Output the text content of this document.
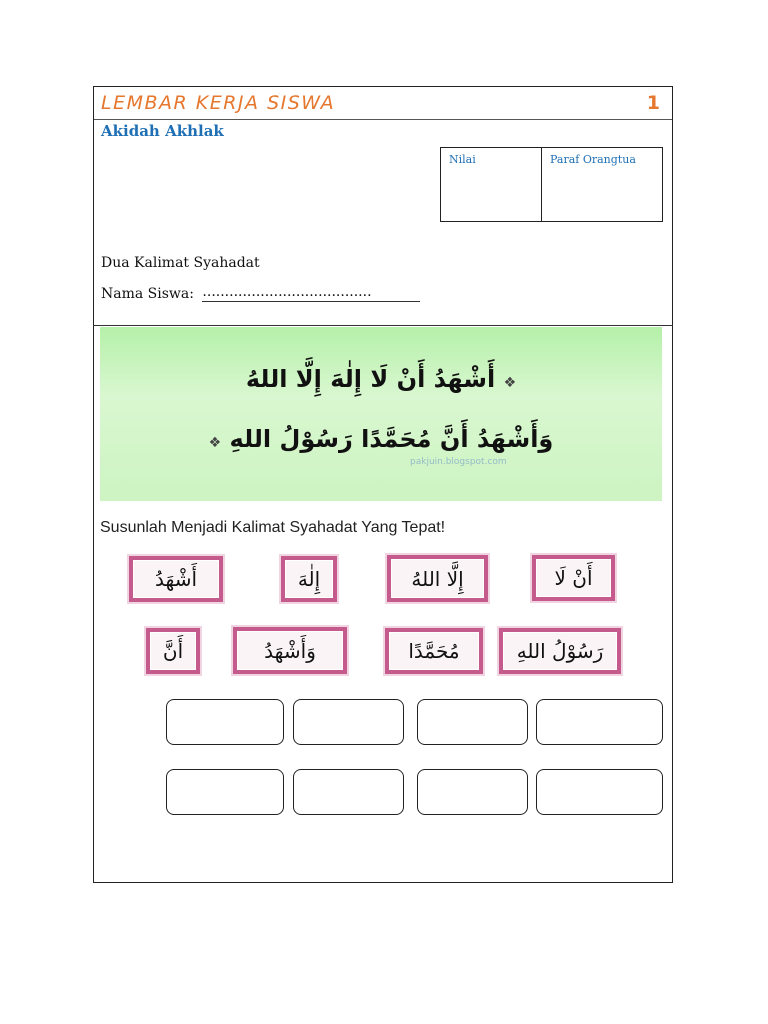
LEMBAR KERJA SISWA	1
Akidah Akhlak
Nilai	Paraf Orangtua
Dua Kalimat Syahadat
Nama Siswa: ......................................
❖ أَشْهَدُ أَنْ لَا إِلٰهَ إِلَّا اللهُ
وَأَشْهَدُ أَنَّ مُحَمَّدًا رَسُوْلُ اللهِ ❖
pakjuin.blogspot.com
Susunlah Menjadi Kalimat Syahadat Yang Tepat!
أَشْهَدُ	إِلٰهَ	إِلَّا اللهُ	أَنْ لَا
أَنَّ	وَأَشْهَدُ	مُحَمَّدًا	رَسُوْلُ اللهِ
